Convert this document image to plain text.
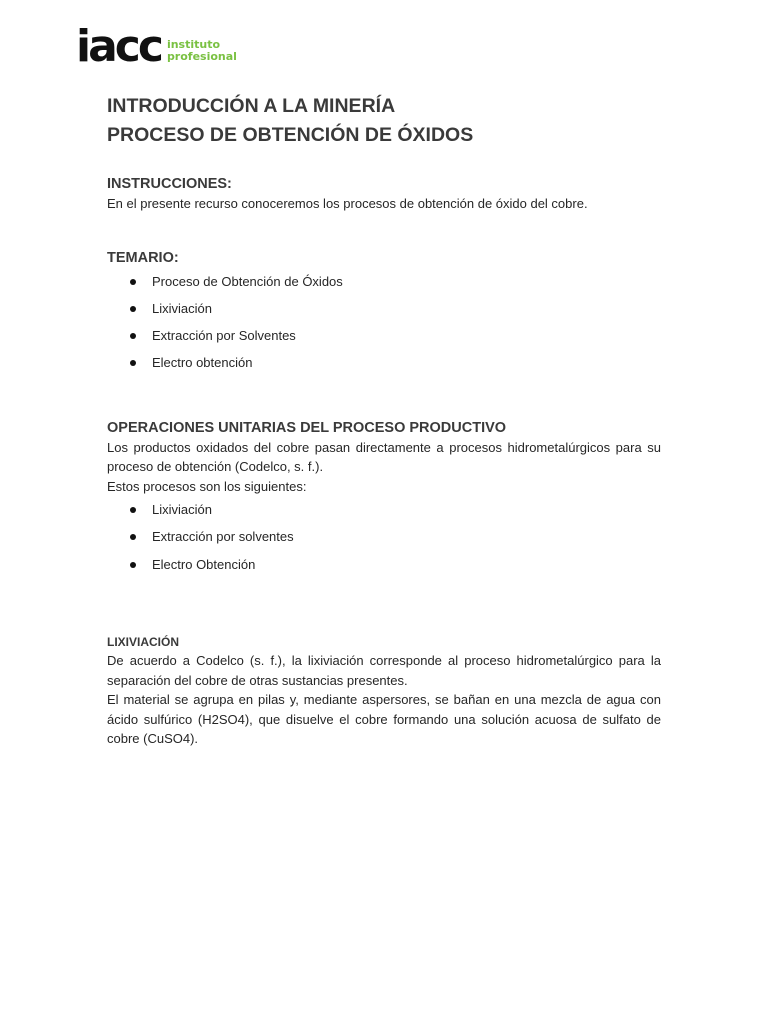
iacc instituto
profesional
INTRODUCCIÓN A LA MINERÍA
PROCESO DE OBTENCIÓN DE ÓXIDOS
INSTRUCCIONES:

En el presente recurso conoceremos los procesos de obtención de óxido del cobre.

TEMARIO:
Proceso de Obtención de Óxidos
Lixiviación
Extracción por Solventes
Electro obtención
OPERACIONES UNITARIAS DEL PROCESO PRODUCTIVO

Los productos oxidados del cobre pasan directamente a procesos hidrometalúrgicos para su proceso de obtención (Codelco, s. f.).

Estos procesos son los siguientes:

Lixiviación
Extracción por solventes
Electro Obtención
LIXIVIACIÓN

De acuerdo a Codelco (s. f.), la lixiviación corresponde al proceso hidrometalúrgico para la separación del cobre de otras sustancias presentes.

El material se agrupa en pilas y, mediante aspersores, se bañan en una mezcla de agua con ácido sulfúrico (H2SO4), que disuelve el cobre formando una solución acuosa de sulfato de cobre (CuSO4).
